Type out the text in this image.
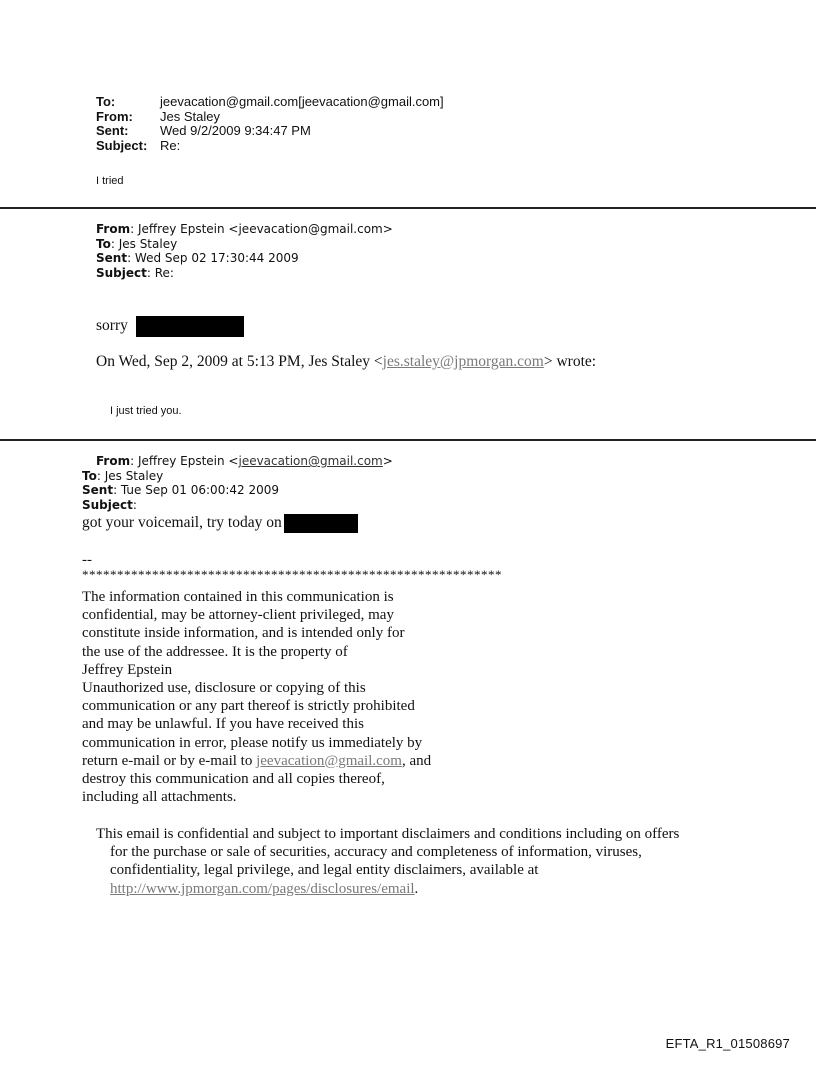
To:	jeevacation@gmail.com[jeevacation@gmail.com]
From:	Jes Staley
Sent:	Wed 9/2/2009 9:34:47 PM
Subject: Re:
I tried
From: Jeffrey Epstein <jeevacation@gmail.com>
To: Jes Staley
Sent: Wed Sep 02 17:30:44 2009
Subject: Re:
sorry
On Wed, Sep 2, 2009 at 5:13 PM, Jes Staley <jes.staley@jpmorgan.com> wrote:
I just tried you.
From: Jeffrey Epstein <jeevacation@gmail.com>
To: Jes Staley
Sent: Tue Sep 01 06:00:42 2009
Subject:
got your voicemail, try today on
--
************************************************************
The information contained in this communication is
confidential, may be attorney-client privileged, may
constitute inside information, and is intended only for
the use of the addressee. It is the property of
Jeffrey Epstein
Unauthorized use, disclosure or copying of this
communication or any part thereof is strictly prohibited
and may be unlawful. If you have received this
communication in error, please notify us immediately by
return e-mail or by e-mail to jeevacation@gmail.com, and
destroy this communication and all copies thereof,
including all attachments.
This email is confidential and subject to important disclaimers and conditions including on offers
for the purchase or sale of securities, accuracy and completeness of information, viruses,
confidentiality, legal privilege, and legal entity disclaimers, available at
http://www.jpmorgan.com/pages/disclosures/email.
EFTA_R1_01508697
